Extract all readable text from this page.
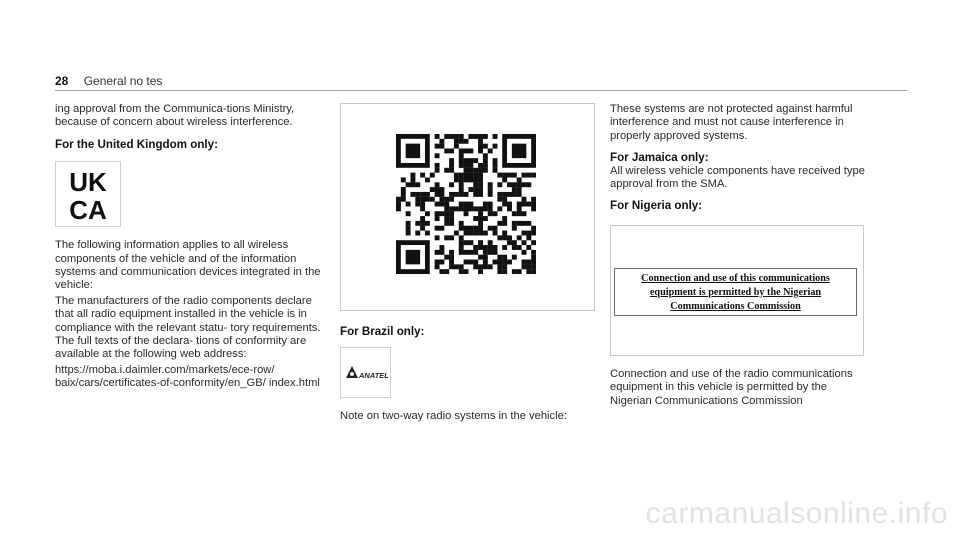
28 General no tes

ing approval from the Communica‐tions Ministry, because of concern about wireless interference.

For the United Kingdom only:
UK
CA

The following information applies to all wireless components of the vehicle and of the information systems and communication devices integrated in the vehicle:

The manufacturers of the radio components declare that all radio equipment installed in the vehicle is in compliance with the relevant statu‐ tory requirements. The full texts of the declara‐ tions of conformity are available at the following web address:

https://moba.i.daimler.com/markets/ece-row/ baix/cars/certificates-of-conformity/en_GB/ index.html

For Brazil only:
ANATEL

Note on two-way radio systems in the vehicle:

These systems are not protected against harmful interference and must not cause interference in properly approved systems.

For Jamaica only:

All wireless vehicle components have received type approval from the SMA.

For Nigeria only:
Connection and use of this communications
equipment is permitted by the Nigerian
Communications Commission

Connection and use of the radio communications equipment in this vehicle is permitted by the Nigerian Communications Commission

carmanualsonline.info
